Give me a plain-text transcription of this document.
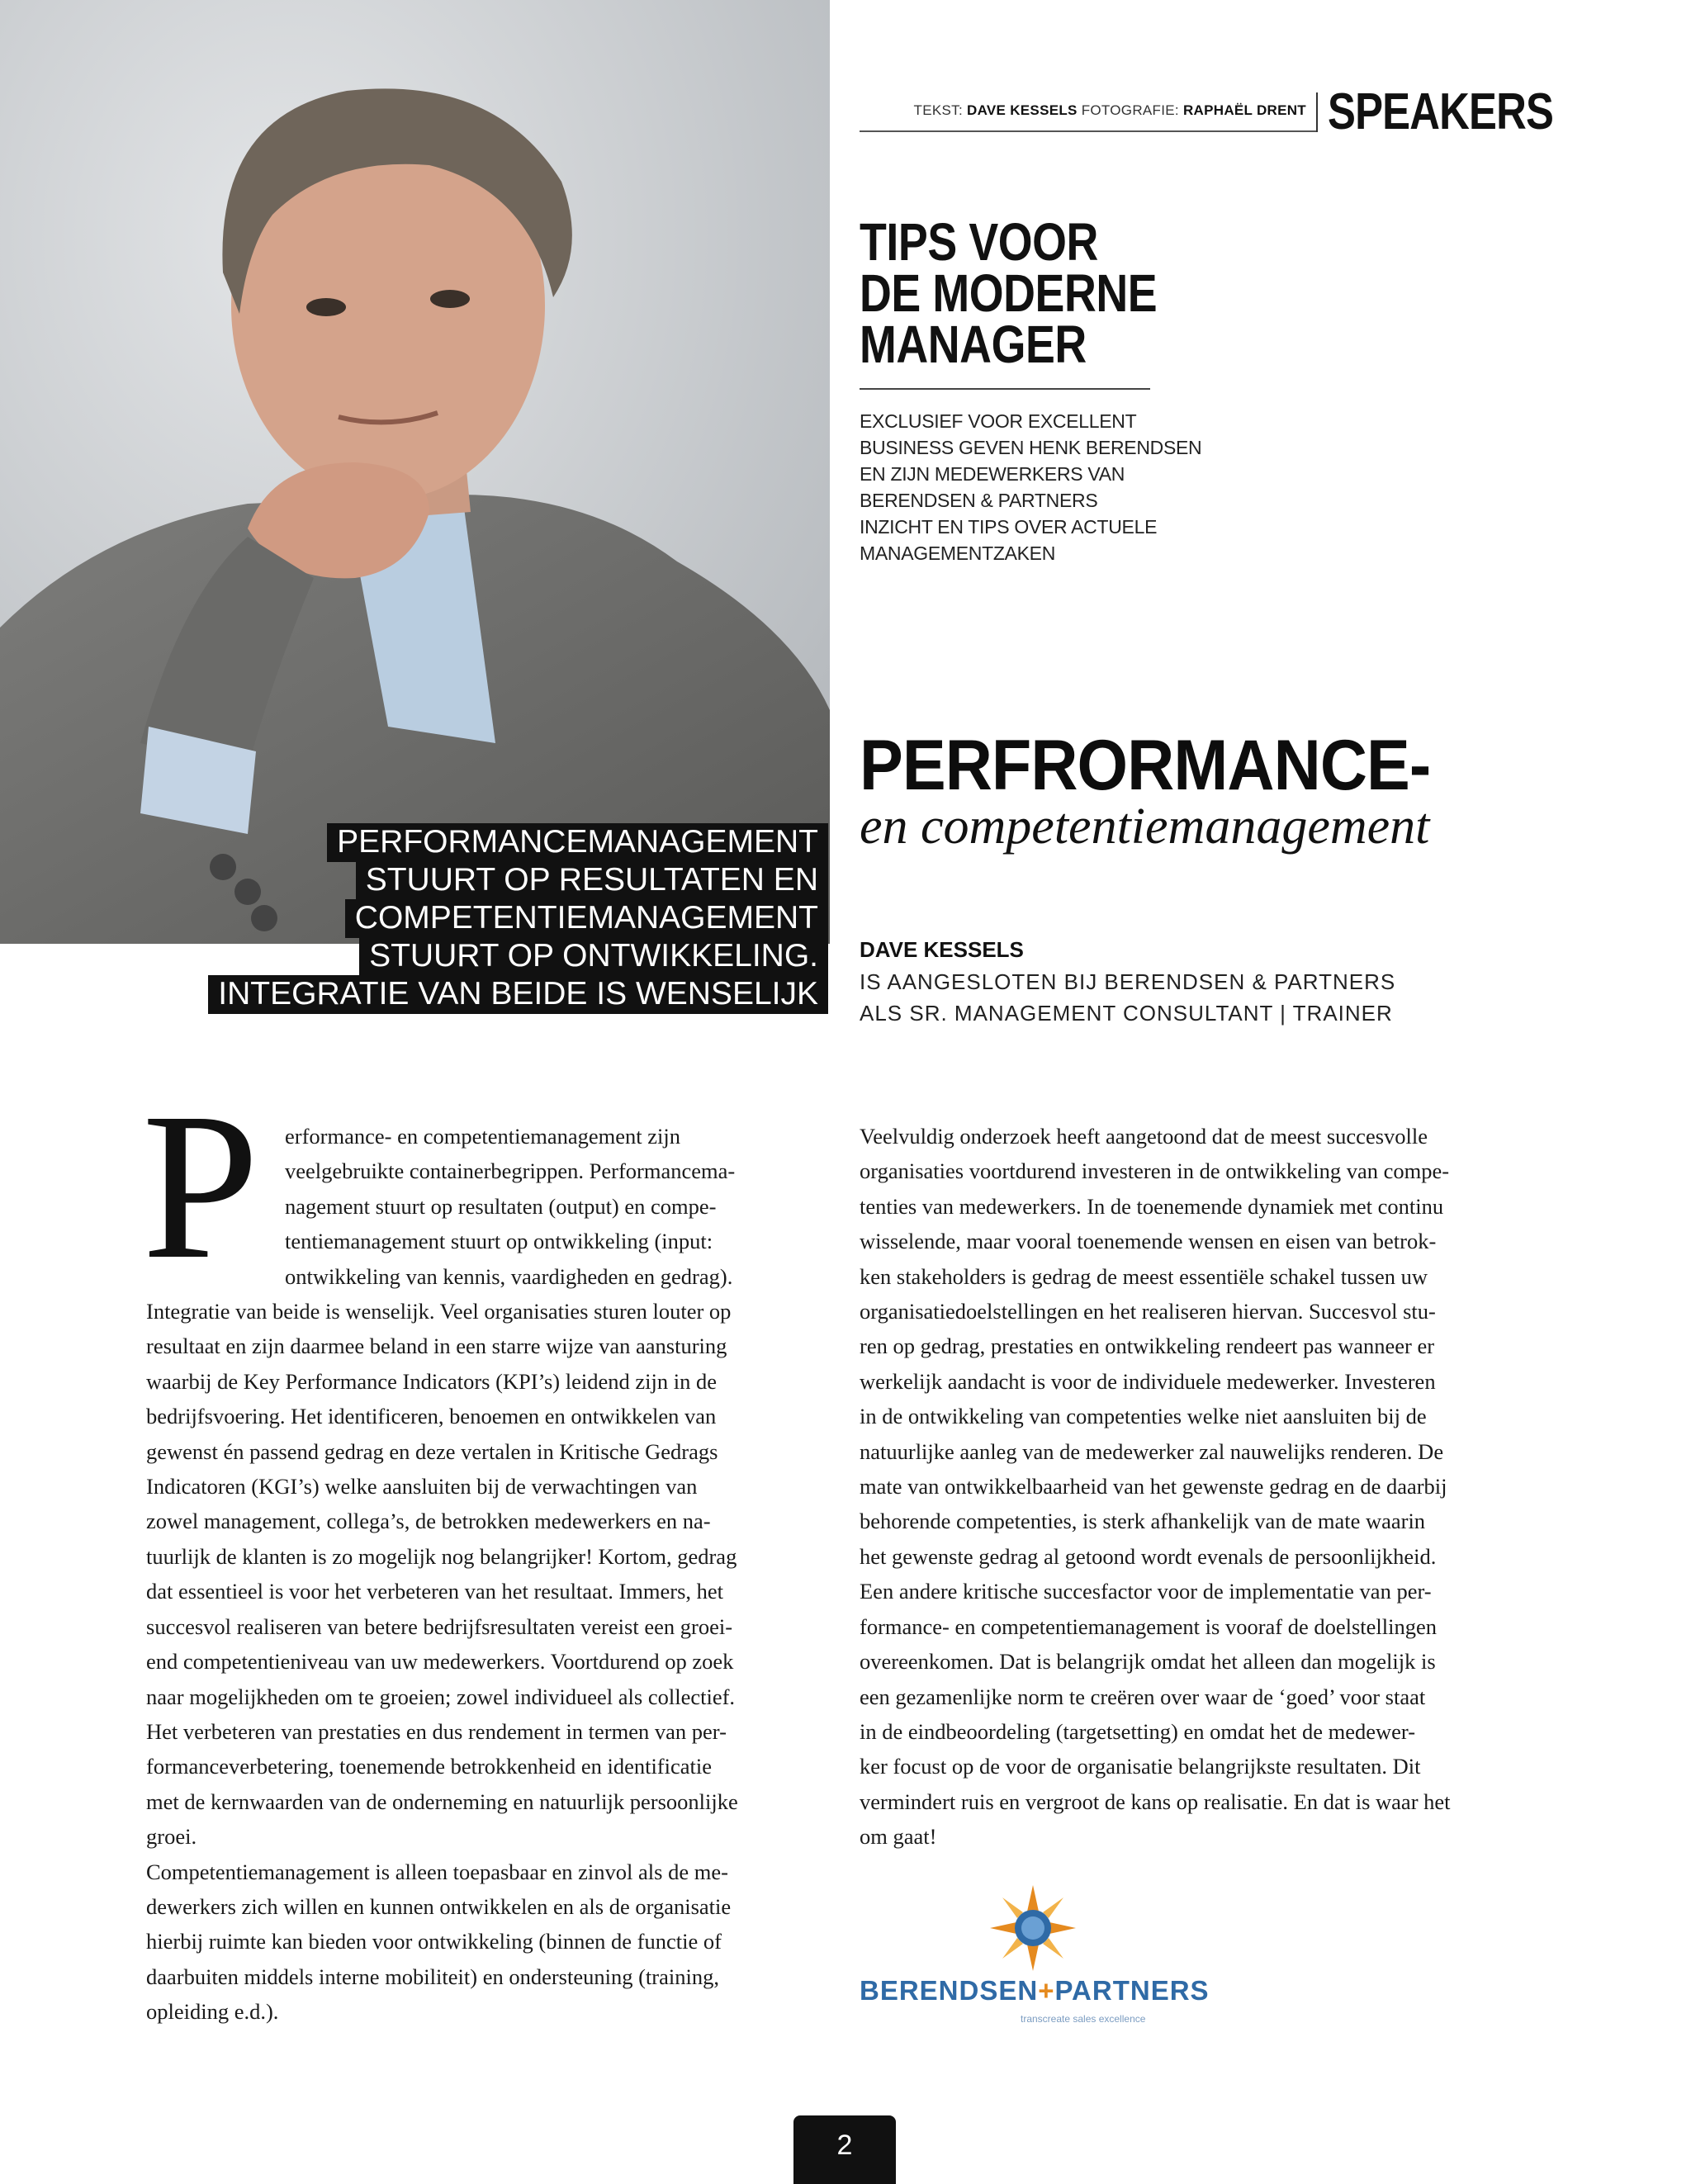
PERFORMANCEMANAGEMENT
STUURT OP RESULTATEN EN
COMPETENTIEMANAGEMENT
STUURT OP ONTWIKKELING.
INTEGRATIE VAN BEIDE IS WENSELIJK
TEKST: DAVE KESSELS FOTOGRAFIE: RAPHAËL DRENT SPEAKERS
TIPS VOOR
DE MODERNE
MANAGER
EXCLUSIEF VOOR EXCELLENT
BUSINESS GEVEN HENK BERENDSEN
EN ZIJN MEDEWERKERS VAN
BERENDSEN & PARTNERS
INZICHT EN TIPS OVER ACTUELE
MANAGEMENTZAKEN
PERFRORMANCE-
en competentiemanagement
DAVE KESSELS
IS AANGESLOTEN BIJ BERENDSEN & PARTNERS
ALS SR. MANAGEMENT CONSULTANT | TRAINER
P	erformance- en competentiemanagement zijn
veelgebruikte containerbegrippen. Performancema-
nagement stuurt op resultaten (output) en compe-
tentiemanagement stuurt op ontwikkeling (input:
ontwikkeling van kennis, vaardigheden en gedrag).
Integratie van beide is wenselijk. Veel organisaties sturen louter op
resultaat en zijn daarmee beland in een starre wijze van aansturing
waarbij de Key Performance Indicators (KPI’s) leidend zijn in de
bedrijfsvoering. Het identificeren, benoemen en ontwikkelen van
gewenst én passend gedrag en deze vertalen in Kritische Gedrags
Indicatoren (KGI’s) welke aansluiten bij de verwachtingen van
zowel management, collega’s, de betrokken medewerkers en na-
tuurlijk de klanten is zo mogelijk nog belangrijker! Kortom, gedrag
dat essentieel is voor het verbeteren van het resultaat. Immers, het
succesvol realiseren van betere bedrijfsresultaten vereist een groei-
end competentieniveau van uw medewerkers. Voortdurend op zoek
naar mogelijkheden om te groeien; zowel individueel als collectief.
Het verbeteren van prestaties en dus rendement in termen van per-
formanceverbetering, toenemende betrokkenheid en identificatie
met de kernwaarden van de onderneming en natuurlijk persoonlijke
groei.
Competentiemanagement is alleen toepasbaar en zinvol als de me-
dewerkers zich willen en kunnen ontwikkelen en als de organisatie
hierbij ruimte kan bieden voor ontwikkeling (binnen de functie of
daarbuiten middels interne mobiliteit) en ondersteuning (training,
opleiding e.d.).
Veelvuldig onderzoek heeft aangetoond dat de meest succesvolle
organisaties voortdurend investeren in de ontwikkeling van compe-
tenties van medewerkers. In de toenemende dynamiek met continu
wisselende, maar vooral toenemende wensen en eisen van betrok-
ken stakeholders is gedrag de meest essentiële schakel tussen uw
organisatiedoelstellingen en het realiseren hiervan. Succesvol stu-
ren op gedrag, prestaties en ontwikkeling rendeert pas wanneer er
werkelijk aandacht is voor de individuele medewerker. Investeren
in de ontwikkeling van competenties welke niet aansluiten bij de
natuurlijke aanleg van de medewerker zal nauwelijks renderen. De
mate van ontwikkelbaarheid van het gewenste gedrag en de daarbij
behorende competenties, is sterk afhankelijk van de mate waarin
het gewenste gedrag al getoond wordt evenals de persoonlijkheid.
Een andere kritische succesfactor voor de implementatie van per-
formance- en competentiemanagement is vooraf de doelstellingen
overeenkomen. Dat is belangrijk omdat het alleen dan mogelijk is
een gezamenlijke norm te creëren over waar de ‘goed’ voor staat
in de eindbeoordeling (targetsetting) en omdat het de medewer-
ker focust op de voor de organisatie belangrijkste resultaten. Dit
vermindert ruis en vergroot de kans op realisatie. En dat is waar het
om gaat!
BERENDSEN+PARTNERS
transcreate sales excellence
2
